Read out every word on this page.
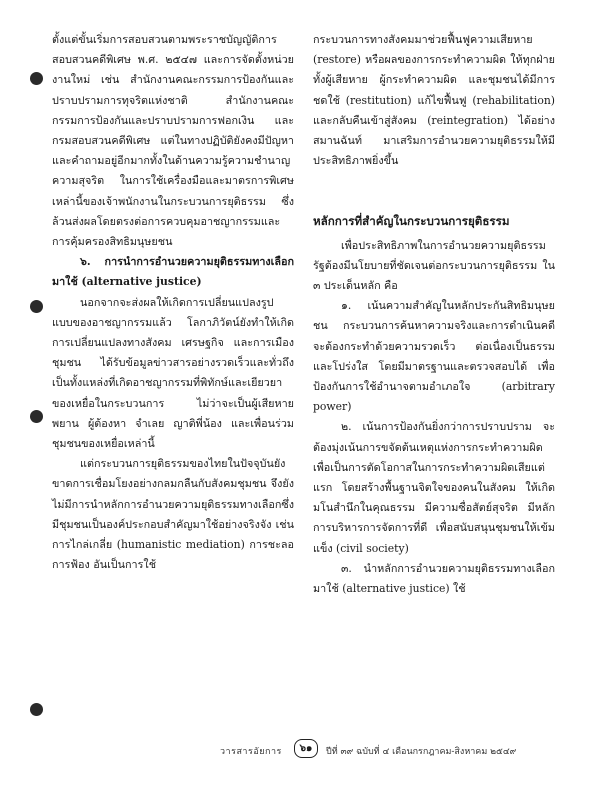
ตั้งแต่ขั้นเริ่มการสอบสวนตามพระราชบัญญัติการสอบสวนคดีพิเศษ พ.ศ. ๒๕๔๗ และการจัดตั้งหน่วยงานใหม่ เช่น สำนักงานคณะกรรมการป้องกันและปราบปรามการทุจริตแห่งชาติ สำนักงานคณะกรรมการป้องกันและปราบปรามการฟอกเงิน และกรมสอบสวนคดีพิเศษ แต่ในทางปฏิบัติยังคงมีปัญหาและคำถามอยู่อีกมากทั้งในด้านความรู้ความชำนาญ ความสุจริต ในการใช้เครื่องมือและมาตรการพิเศษเหล่านี้ของเจ้าพนักงานในกระบวนการยุติธรรม ซึ่งล้วนส่งผลโดยตรงต่อการควบคุมอาชญากรรมและการคุ้มครองสิทธิมนุษยชน

๖. การนำการอำนวยความยุติธรรมทางเลือกมาใช้ (alternative justice)

นอกจากจะส่งผลให้เกิดการเปลี่ยนแปลงรูปแบบของอาชญากรรมแล้ว โลกาภิวัตน์ยังทำให้เกิดการเปลี่ยนแปลงทางสังคม เศรษฐกิจ และการเมือง ชุมชน ได้รับข้อมูลข่าวสารอย่างรวดเร็วและทั่วถึง เป็นทั้งแหล่งที่เกิดอาชญากรรมที่พิทักษ์และเยียวยาของเหยื่อในกระบวนการ ไม่ว่าจะเป็นผู้เสียหาย พยาน ผู้ต้องหา จำเลย ญาติพี่น้อง และเพื่อนร่วมชุมชนของเหยื่อเหล่านี้

แต่กระบวนการยุติธรรมของไทยในปัจจุบันยังขาดการเชื่อมโยงอย่างกลมกลืนกับสังคมชุมชน จึงยังไม่มีการนำหลักการอำนวยความยุติธรรมทางเลือกซึ่งมีชุมชนเป็นองค์ประกอบสำคัญมาใช้อย่างจริงจัง เช่น การไกล่เกลี่ย (humanistic mediation) การชะลอการฟ้อง อันเป็นการใช้

กระบวนการทางสังคมมาช่วยฟื้นฟูความเสียหาย (restore) หรือผลของการกระทำความผิด ให้ทุกฝ่ายทั้งผู้เสียหาย ผู้กระทำความผิด และชุมชนได้มีการชดใช้ (restitution) แก้ไขฟื้นฟู (rehabilitation) และกลับคืนเข้าสู่สังคม (reintegration) ได้อย่างสมานฉันท์ มาเสริมการอำนวยความยุติธรรมให้มีประสิทธิภาพยิ่งขึ้น

หลักการที่สำคัญในกระบวนการยุติธรรม

เพื่อประสิทธิภาพในการอำนวยความยุติธรรม รัฐต้องมีนโยบายที่ชัดเจนต่อกระบวนการยุติธรรม ใน ๓ ประเด็นหลัก คือ

๑. เน้นความสำคัญในหลักประกันสิทธิมนุษยชน กระบวนการค้นหาความจริงและการดำเนินคดีจะต้องกระทำด้วยความรวดเร็ว ต่อเนื่องเป็นธรรม และโปร่งใส โดยมีมาตรฐานและตรวจสอบได้ เพื่อป้องกันการใช้อำนาจตามอำเภอใจ (arbitrary power)

๒. เน้นการป้องกันยิ่งกว่าการปราบปราม จะต้องมุ่งเน้นการขจัดต้นเหตุแห่งการกระทำความผิด เพื่อเป็นการตัดโอกาสในการกระทำความผิดเสียแต่แรก โดยสร้างพื้นฐานจิตใจของคนในสังคม ให้เกิดมโนสำนึกในคุณธรรม มีความซื่อสัตย์สุจริต มีหลักการบริหารการจัดการที่ดี เพื่อสนับสนุนชุมชนให้เข้มแข็ง (civil society)

๓. นำหลักการอำนวยความยุติธรรมทางเลือกมาใช้ (alternative justice) ใช้

วารสารอัยการ	๖๑	ปีที่ ๓๙ ฉบับที่ ๔ เดือนกรกฎาคม-สิงหาคม ๒๕๔๙
